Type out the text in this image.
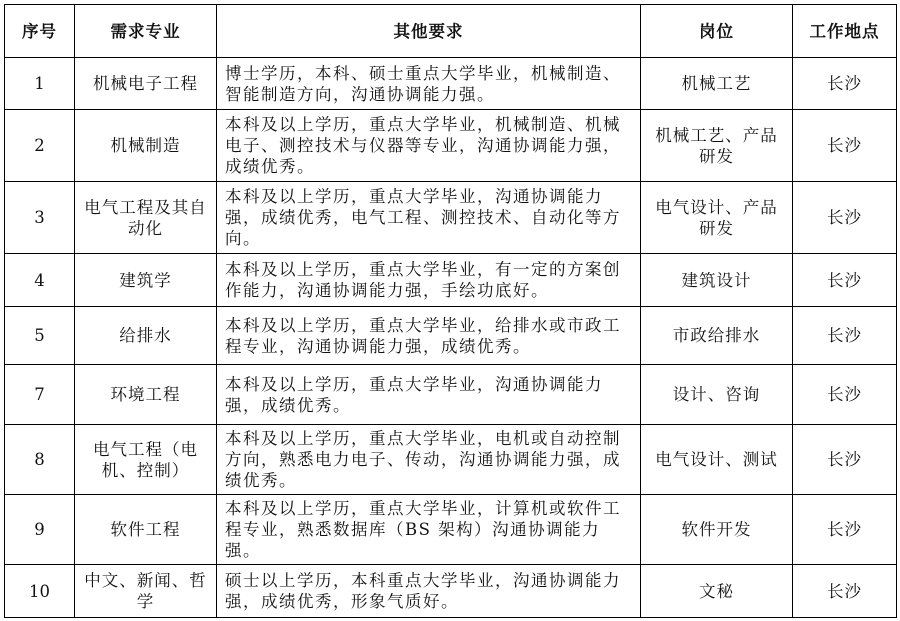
序号	需求专业	其他要求	岗位	工作地点
1	机械电子工程	博士学历，本科、硕士重点大学毕业，机械制造、智能制造方向，沟通协调能力强。	机械工艺	长沙
2	机械制造	本科及以上学历，重点大学毕业，机械制造、机械电子、测控技术与仪器等专业，沟通协调能力强，成绩优秀。	机械工艺、产品研发	长沙
3	电气工程及其自动化	本科及以上学历，重点大学毕业，沟通协调能力强，成绩优秀，电气工程、测控技术、自动化等方向。	电气设计、产品研发	长沙
4	建筑学	本科及以上学历，重点大学毕业，有一定的方案创作能力，沟通协调能力强，手绘功底好。	建筑设计	长沙
5	给排水	本科及以上学历，重点大学毕业，给排水或市政工程专业，沟通协调能力强，成绩优秀。	市政给排水	长沙
7	环境工程	本科及以上学历，重点大学毕业，沟通协调能力强，成绩优秀。	设计、咨询	长沙
8	电气工程（电机、控制）	本科及以上学历，重点大学毕业，电机或自动控制方向，熟悉电力电子、传动，沟通协调能力强，成绩优秀。	电气设计、测试	长沙
9	软件工程	本科及以上学历，重点大学毕业，计算机或软件工程专业，熟悉数据库（BS 架构）沟通协调能力强。	软件开发	长沙
10	中文、新闻、哲学	硕士以上学历，本科重点大学毕业，沟通协调能力强，成绩优秀，形象气质好。	文秘	长沙
